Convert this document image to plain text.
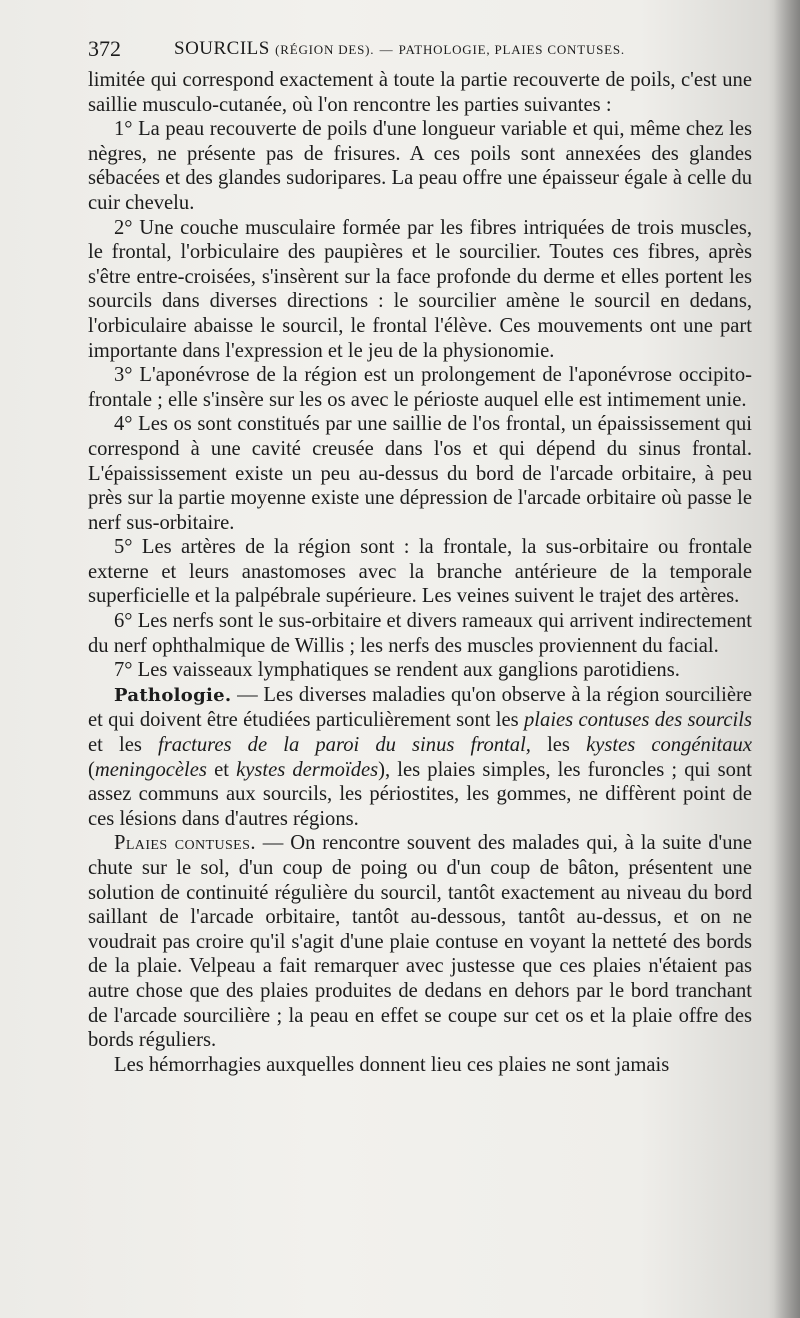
372	SOURCILS (RÉGION DES). — PATHOLOGIE, PLAIES CONTUSES.

limitée qui correspond exactement à toute la partie recouverte de poils, c'est une saillie musculo-cutanée, où l'on rencontre les parties suivantes :

1° La peau recouverte de poils d'une longueur variable et qui, même chez les nègres, ne présente pas de frisures. A ces poils sont annexées des glandes sébacées et des glandes sudoripares. La peau offre une épaisseur égale à celle du cuir chevelu.

2° Une couche musculaire formée par les fibres intriquées de trois muscles, le frontal, l'orbiculaire des paupières et le sourcilier. Toutes ces fibres, après s'être entre-croisées, s'insèrent sur la face profonde du derme et elles portent les sourcils dans diverses directions : le sourcilier amène le sourcil en dedans, l'orbiculaire abaisse le sourcil, le frontal l'élève. Ces mouvements ont une part importante dans l'expression et le jeu de la physionomie.

3° L'aponévrose de la région est un prolongement de l'aponévrose occipito-frontale ; elle s'insère sur les os avec le périoste auquel elle est intimement unie.

4° Les os sont constitués par une saillie de l'os frontal, un épaississement qui correspond à une cavité creusée dans l'os et qui dépend du sinus frontal. L'épaississement existe un peu au-dessus du bord de l'arcade orbitaire, à peu près sur la partie moyenne existe une dépression de l'arcade orbitaire où passe le nerf sus-orbitaire.

5° Les artères de la région sont : la frontale, la sus-orbitaire ou frontale externe et leurs anastomoses avec la branche antérieure de la temporale superficielle et la palpébrale supérieure. Les veines suivent le trajet des artères.

6° Les nerfs sont le sus-orbitaire et divers rameaux qui arrivent indirectement du nerf ophthalmique de Willis ; les nerfs des muscles proviennent du facial.

7° Les vaisseaux lymphatiques se rendent aux ganglions parotidiens.

Pathologie. — Les diverses maladies qu'on observe à la région sourcilière et qui doivent être étudiées particulièrement sont les plaies contuses des sourcils et les fractures de la paroi du sinus frontal, les kystes congénitaux (meningocèles et kystes dermoïdes), les plaies simples, les furoncles ; qui sont assez communs aux sourcils, les périostites, les gommes, ne diffèrent point de ces lésions dans d'autres régions.

Plaies contuses. — On rencontre souvent des malades qui, à la suite d'une chute sur le sol, d'un coup de poing ou d'un coup de bâton, présentent une solution de continuité régulière du sourcil, tantôt exactement au niveau du bord saillant de l'arcade orbitaire, tantôt au-dessous, tantôt au-dessus, et on ne voudrait pas croire qu'il s'agit d'une plaie contuse en voyant la netteté des bords de la plaie. Velpeau a fait remarquer avec justesse que ces plaies n'étaient pas autre chose que des plaies produites de dedans en dehors par le bord tranchant de l'arcade sourcilière ; la peau en effet se coupe sur cet os et la plaie offre des bords réguliers.

Les hémorrhagies auxquelles donnent lieu ces plaies ne sont jamais
